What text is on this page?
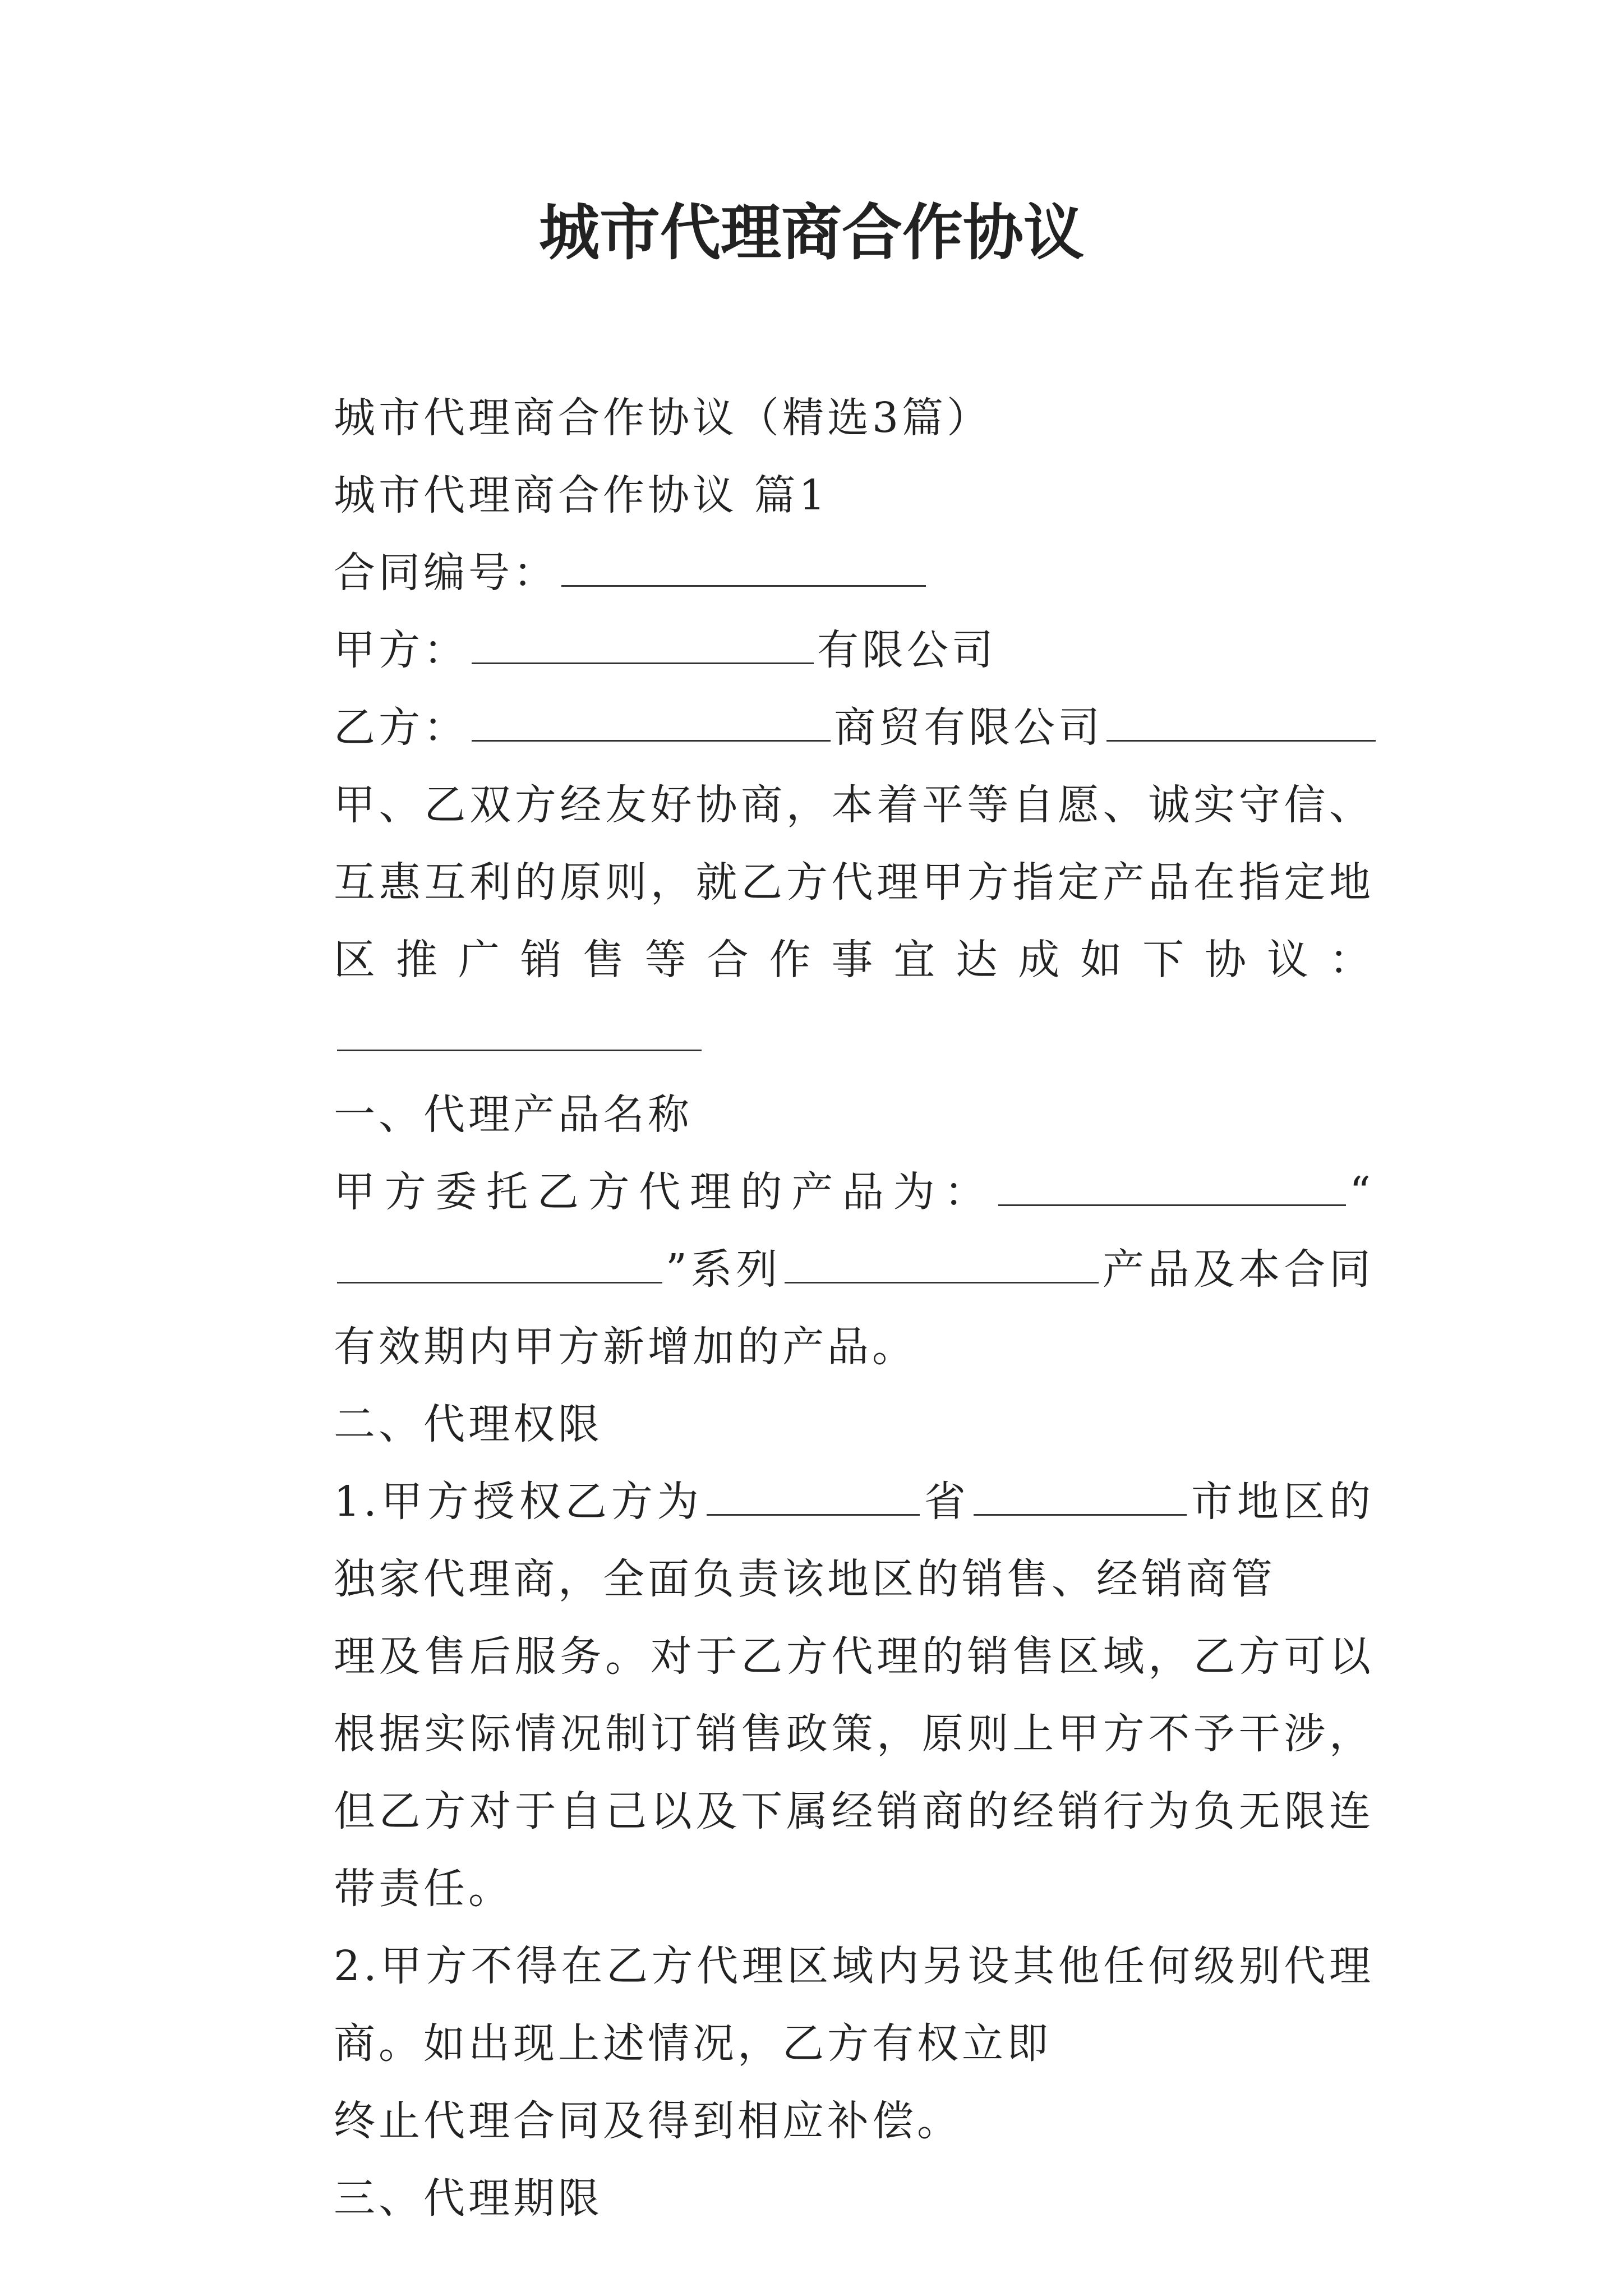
城市代理商合作协议

城市代理商合作协议（精选3篇）

城市代理商合作协议 篇1

合同编号：

甲方：	有限公司

乙方：	商贸有限公司

甲、乙双方经友好协商，本着平等自愿、诚实守信、互惠互利的原则，就乙方代理甲方指定产品在指定地区推广销售等合作事宜达成如下协议：

一、代理产品名称

甲方委托乙方代理的产品为：	“”系列	产品及本合同有效期内甲方新增加的产品。

二、代理权限

1.甲方授权乙方为	省	市地区的独家代理商，全面负责该地区的销售、经销商管

理及售后服务。对于乙方代理的销售区域，乙方可以根据实际情况制订销售政策，原则上甲方不予干涉，但乙方对于自己以及下属经销商的经销行为负无限连带责任。

2.甲方不得在乙方代理区域内另设其他任何级别代理商。如出现上述情况，乙方有权立即

终止代理合同及得到相应补偿。

三、代理期限
